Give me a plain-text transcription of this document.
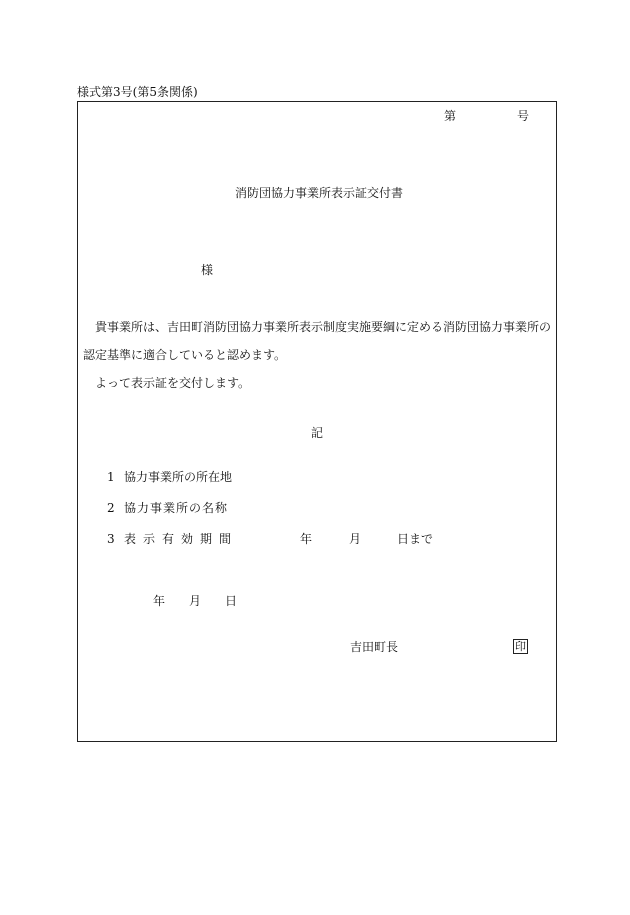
様式第3号(第5条関係)
第	号
消防団協力事業所表示証交付書
様
貴事業所は、吉田町消防団協力事業所表示制度実施要綱に定める消防団協力事業所の
認定基準に適合していると認めます。
よって表示証を交付します。
記
1 協力事業所の所在地
2 協力事業所の名称
3 表示有効期間	年	月	日まで
年 月 日
吉田町長	印
